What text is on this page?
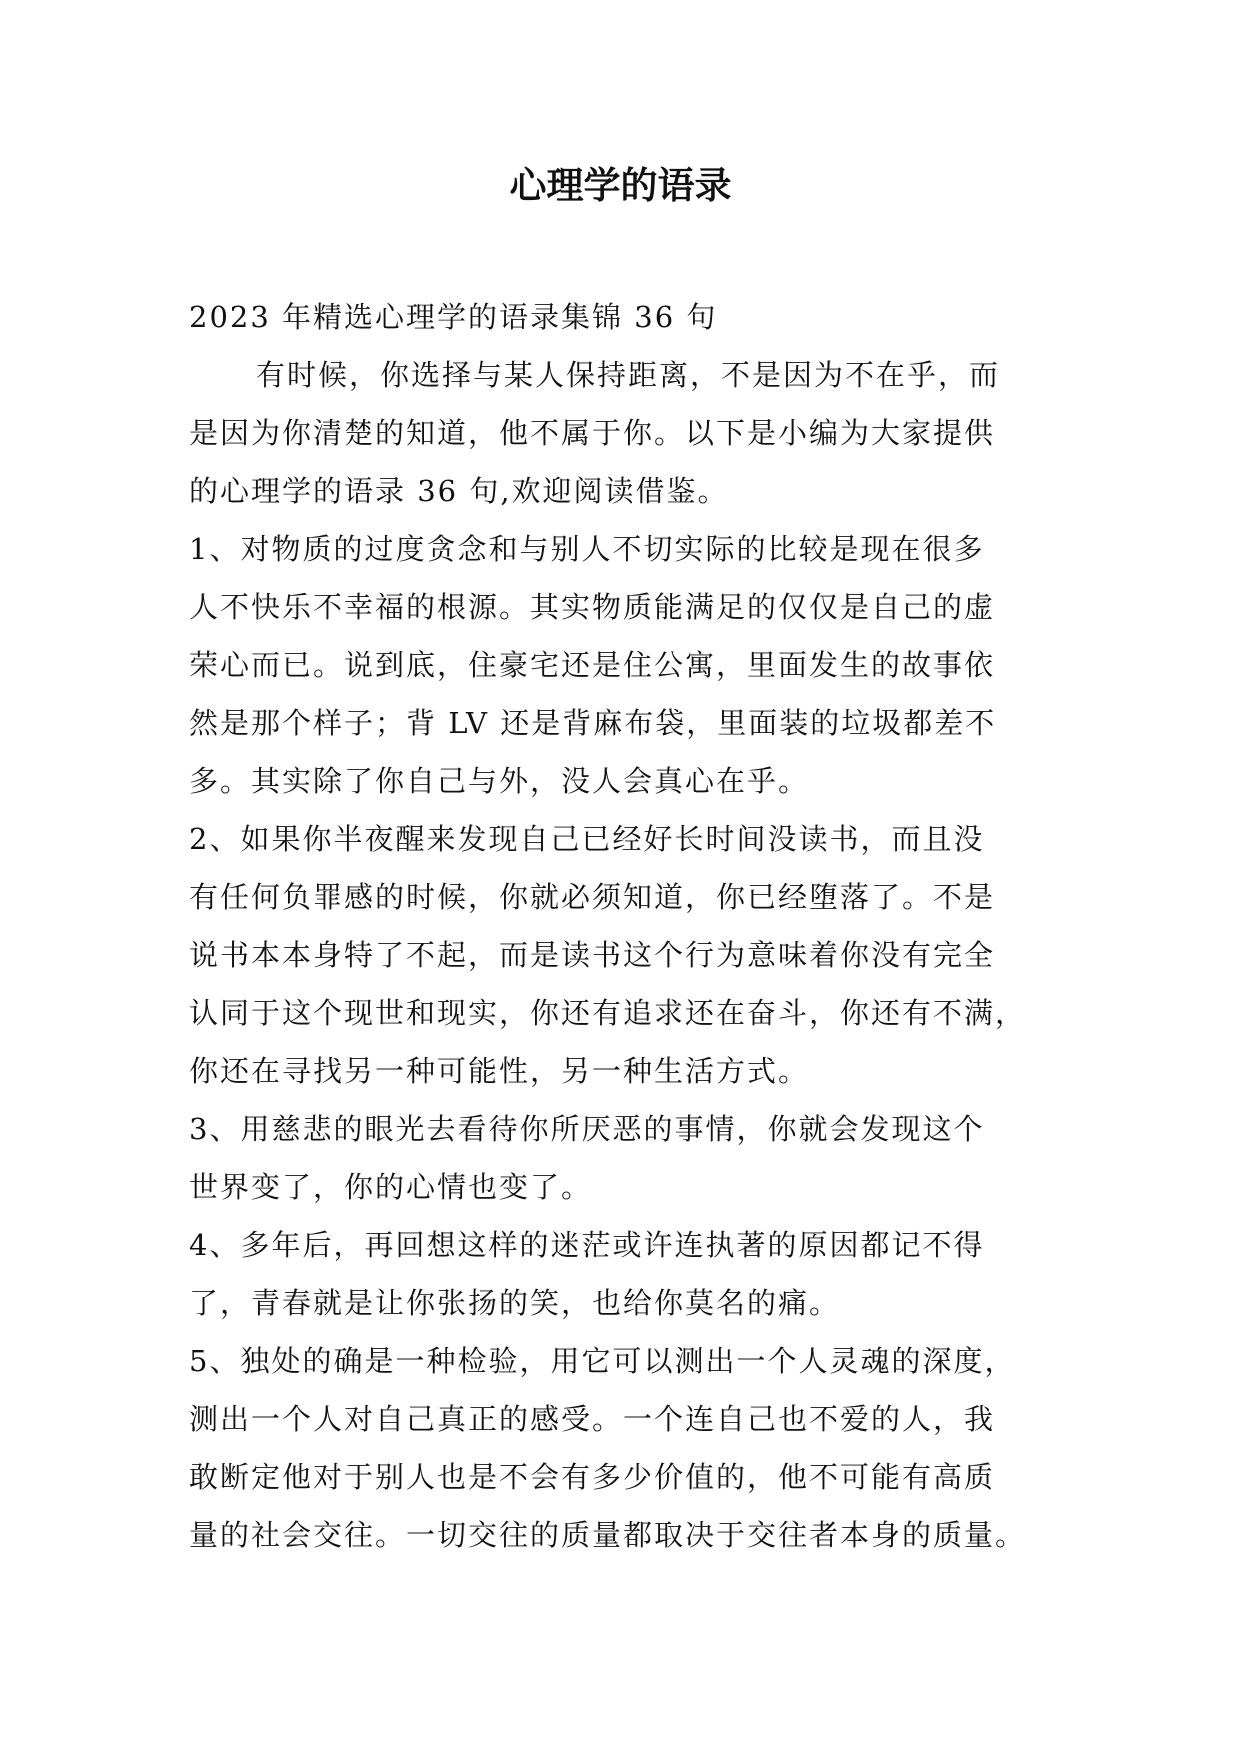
心理学的语录

2023 年精选心理学的语录集锦 36 句

有时候，你选择与某人保持距离，不是因为不在乎，而

是因为你清楚的知道，他不属于你。以下是小编为大家提供

的心理学的语录 36 句,欢迎阅读借鉴。

1、对物质的过度贪念和与别人不切实际的比较是现在很多

人不快乐不幸福的根源。其实物质能满足的仅仅是自己的虚

荣心而已。说到底，住豪宅还是住公寓，里面发生的故事依

然是那个样子；背 LV 还是背麻布袋，里面装的垃圾都差不

多。其实除了你自己与外，没人会真心在乎。

2、如果你半夜醒来发现自己已经好长时间没读书，而且没

有任何负罪感的时候，你就必须知道，你已经堕落了。不是

说书本本身特了不起，而是读书这个行为意味着你没有完全

认同于这个现世和现实，你还有追求还在奋斗，你还有不满，

你还在寻找另一种可能性，另一种生活方式。

3、用慈悲的眼光去看待你所厌恶的事情，你就会发现这个

世界变了，你的心情也变了。

4、多年后，再回想这样的迷茫或许连执著的原因都记不得

了，青春就是让你张扬的笑，也给你莫名的痛。

5、独处的确是一种检验，用它可以测出一个人灵魂的深度，

测出一个人对自己真正的感受。一个连自己也不爱的人，我

敢断定他对于别人也是不会有多少价值的，他不可能有高质

量的社会交往。一切交往的质量都取决于交往者本身的质量。
